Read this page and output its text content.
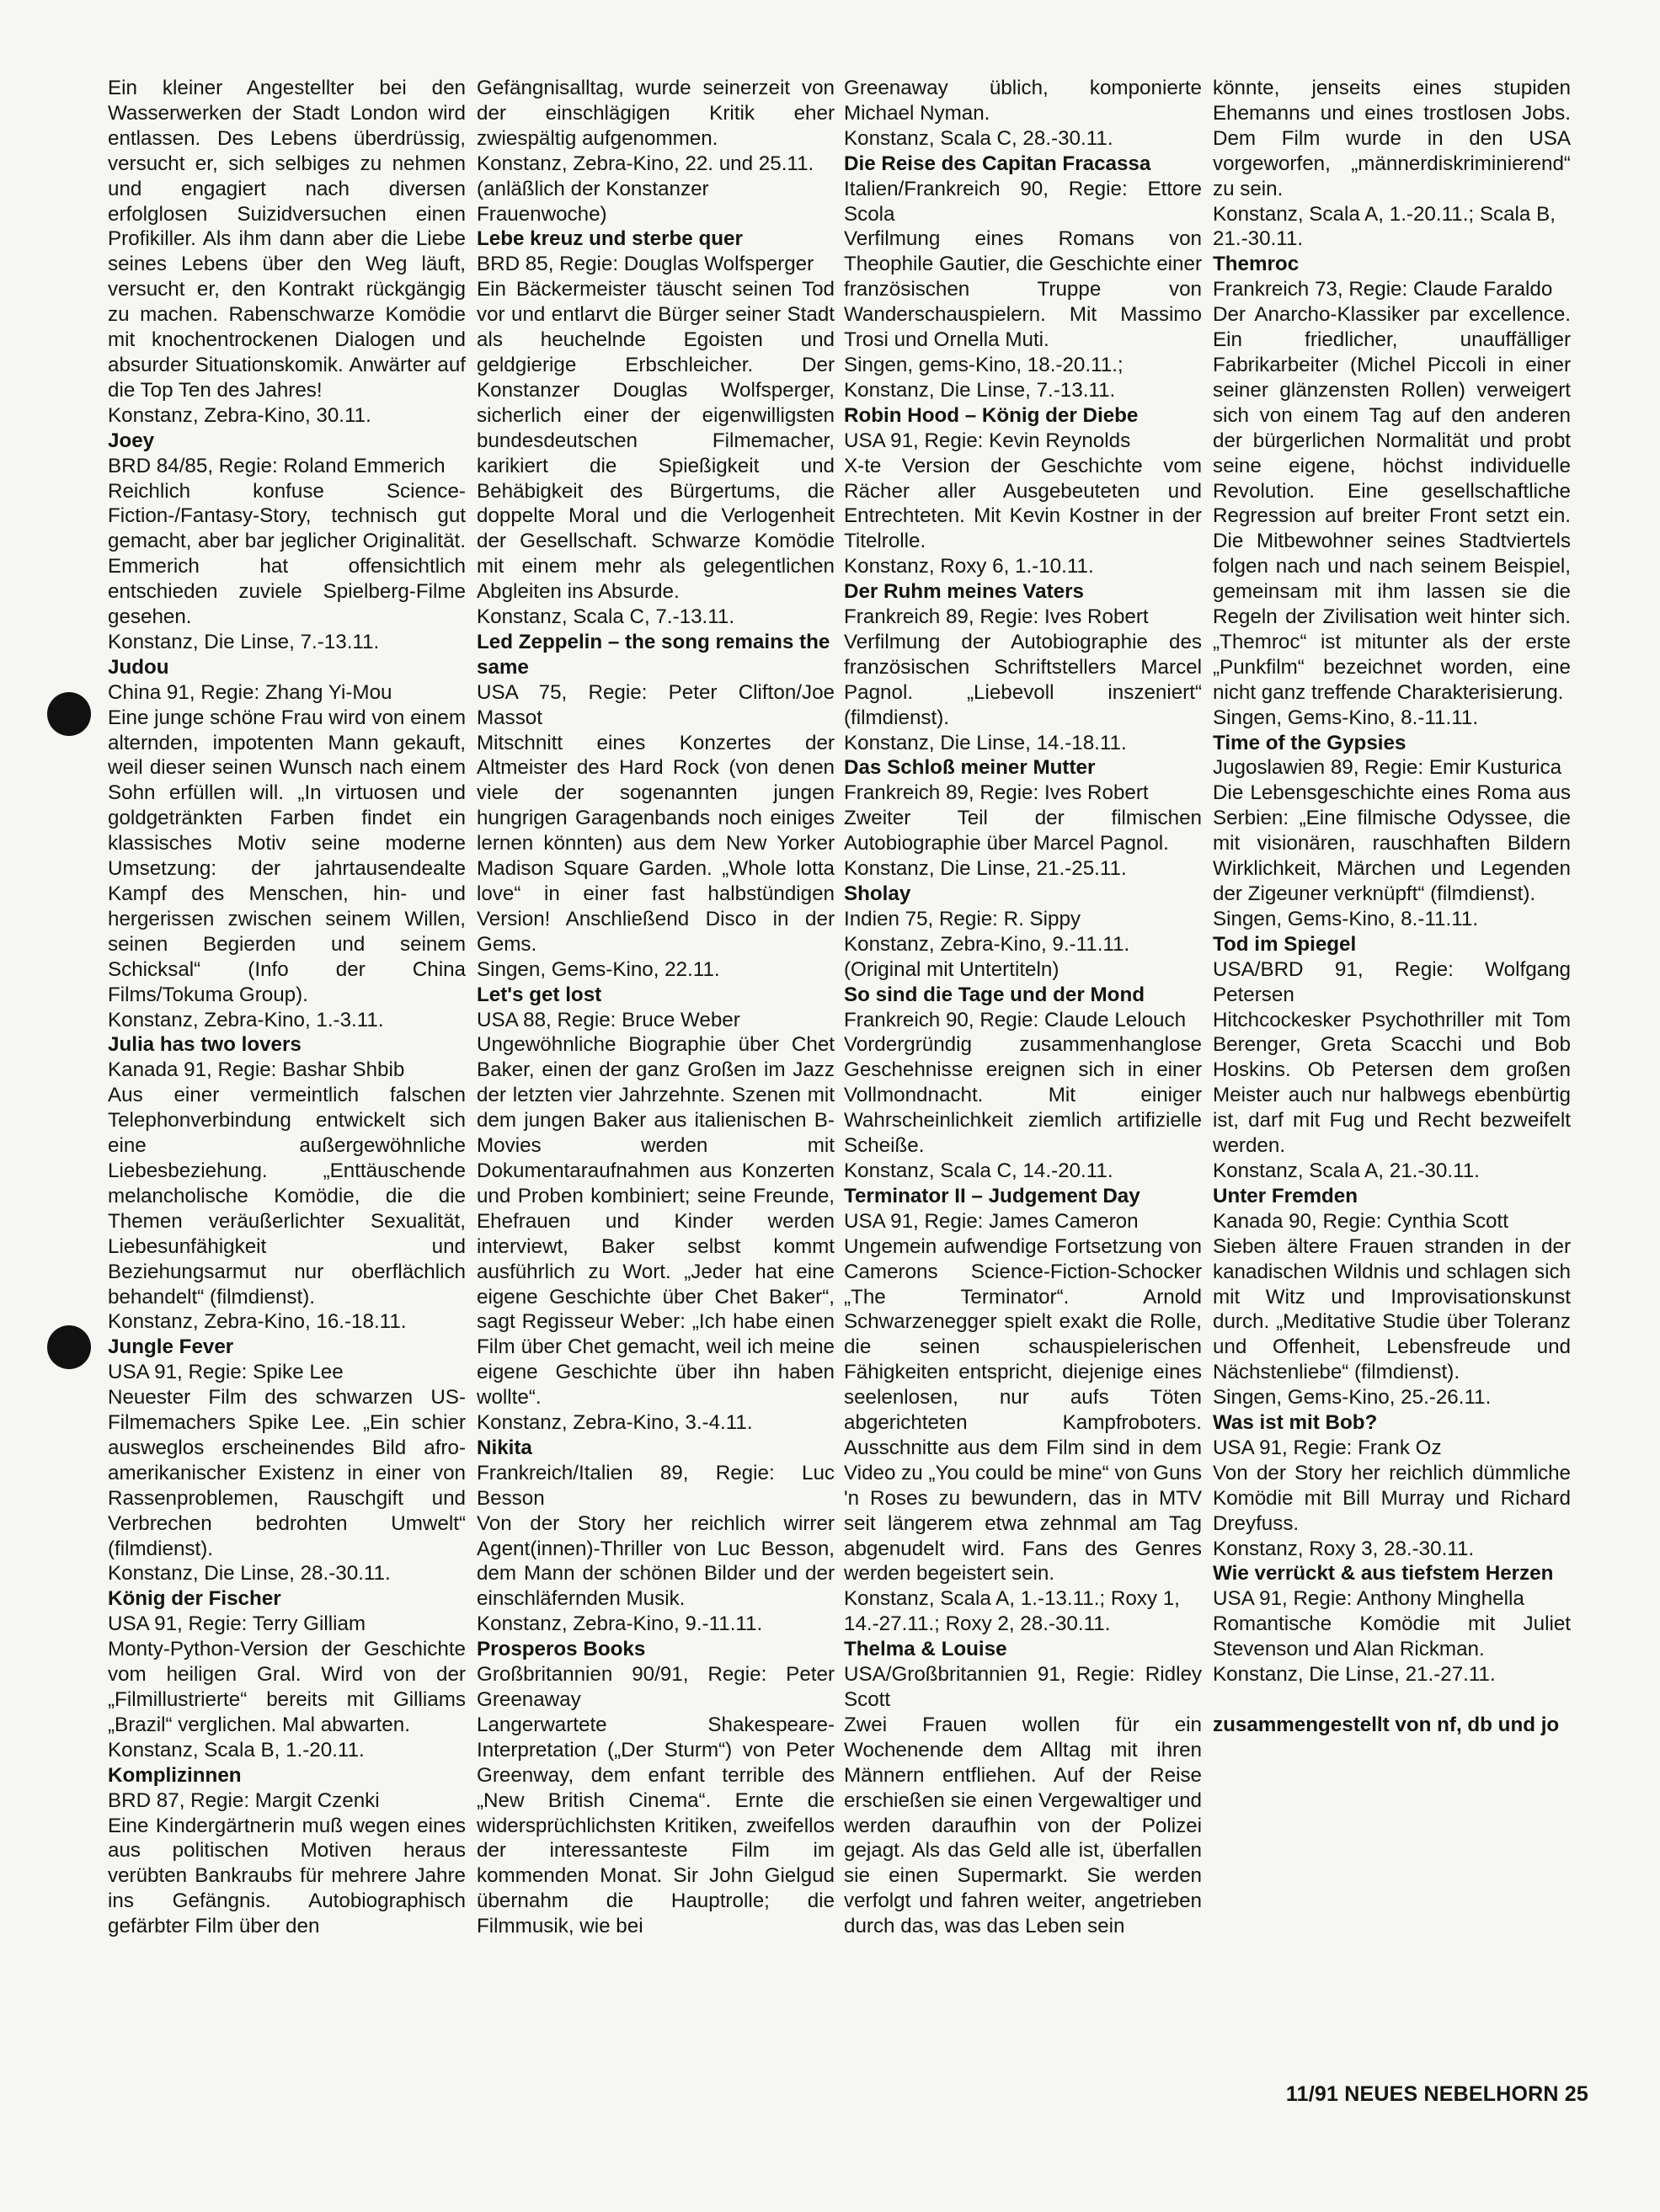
Ein kleiner Angestellter bei den Wasserwerken der Stadt London wird entlassen. Des Lebens überdrüssig, versucht er, sich selbiges zu nehmen und engagiert nach diversen erfolglosen Suizidversuchen einen Profikiller. Als ihm dann aber die Liebe seines Lebens über den Weg läuft, versucht er, den Kontrakt rückgängig zu machen. Rabenschwarze Komödie mit knochentrockenen Dialogen und absurder Situationskomik. Anwärter auf die Top Ten des Jahres!

Konstanz, Zebra-Kino, 30.11.

Joey

BRD 84/85, Regie: Roland Emmerich

Reichlich konfuse Science-Fiction-/Fantasy-Story, technisch gut gemacht, aber bar jeglicher Originalität. Emmerich hat offensichtlich entschieden zuviele Spielberg-Filme gesehen.

Konstanz, Die Linse, 7.-13.11.

Judou

China 91, Regie: Zhang Yi-Mou

Eine junge schöne Frau wird von einem alternden, impotenten Mann gekauft, weil dieser seinen Wunsch nach einem Sohn erfüllen will. „In virtuosen und goldgetränkten Farben findet ein klassisches Motiv seine moderne Umsetzung: der jahrtausendealte Kampf des Menschen, hin- und hergerissen zwischen seinem Willen, seinen Begierden und seinem Schicksal“ (Info der China Films/Tokuma Group).

Konstanz, Zebra-Kino, 1.-3.11.

Julia has two lovers

Kanada 91, Regie: Bashar Shbib

Aus einer vermeintlich falschen Telephonverbindung entwickelt sich eine außergewöhnliche Liebesbeziehung. „Enttäuschende melancholische Komödie, die die Themen veräußerlichter Sexualität, Liebesunfähigkeit und Beziehungsarmut nur oberflächlich behandelt“ (filmdienst).

Konstanz, Zebra-Kino, 16.-18.11.

Jungle Fever

USA 91, Regie: Spike Lee

Neuester Film des schwarzen US-Filmemachers Spike Lee. „Ein schier ausweglos erscheinendes Bild afro-amerikanischer Existenz in einer von Rassenproblemen, Rauschgift und Verbrechen bedrohten Umwelt“ (filmdienst).

Konstanz, Die Linse, 28.-30.11.

König der Fischer

USA 91, Regie: Terry Gilliam

Monty-Python-Version der Geschichte vom heiligen Gral. Wird von der „Filmillustrierte“ bereits mit Gilliams „Brazil“ verglichen. Mal abwarten.

Konstanz, Scala B, 1.-20.11.

Komplizinnen

BRD 87, Regie: Margit Czenki

Eine Kindergärtnerin muß wegen eines aus politischen Motiven heraus verübten Bankraubs für mehrere Jahre ins Gefängnis. Autobiographisch gefärbter Film über den

Gefängnisalltag, wurde seinerzeit von der einschlägigen Kritik eher zwiespältig aufgenommen.

Konstanz, Zebra-Kino, 22. und 25.11. (anläßlich der Konstanzer Frauenwoche)

Lebe kreuz und sterbe quer

BRD 85, Regie: Douglas Wolfsperger

Ein Bäckermeister täuscht seinen Tod vor und entlarvt die Bürger seiner Stadt als heuchelnde Egoisten und geldgierige Erbschleicher. Der Konstanzer Douglas Wolfsperger, sicherlich einer der eigenwilligsten bundesdeutschen Filmemacher, karikiert die Spießigkeit und Behäbigkeit des Bürgertums, die doppelte Moral und die Verlogenheit der Gesellschaft. Schwarze Komödie mit einem mehr als gelegentlichen Abgleiten ins Absurde.

Konstanz, Scala C, 7.-13.11.

Led Zeppelin – the song remains the same

USA 75, Regie: Peter Clifton/Joe Massot

Mitschnitt eines Konzertes der Altmeister des Hard Rock (von denen viele der sogenannten jungen hungrigen Garagenbands noch einiges lernen könnten) aus dem New Yorker Madison Square Garden. „Whole lotta love“ in einer fast halbstündigen Version! Anschließend Disco in der Gems.

Singen, Gems-Kino, 22.11.

Let's get lost

USA 88, Regie: Bruce Weber

Ungewöhnliche Biographie über Chet Baker, einen der ganz Großen im Jazz der letzten vier Jahrzehnte. Szenen mit dem jungen Baker aus italienischen B-Movies werden mit Dokumentaraufnahmen aus Konzerten und Proben kombiniert; seine Freunde, Ehefrauen und Kinder werden interviewt, Baker selbst kommt ausführlich zu Wort. „Jeder hat eine eigene Geschichte über Chet Baker“, sagt Regisseur Weber: „Ich habe einen Film über Chet gemacht, weil ich meine eigene Geschichte über ihn haben wollte“.

Konstanz, Zebra-Kino, 3.-4.11.

Nikita

Frankreich/Italien 89, Regie: Luc Besson

Von der Story her reichlich wirrer Agent(innen)-Thriller von Luc Besson, dem Mann der schönen Bilder und der einschläfernden Musik.

Konstanz, Zebra-Kino, 9.-11.11.

Prosperos Books

Großbritannien 90/91, Regie: Peter Greenaway

Langerwartete Shakespeare-Interpretation („Der Sturm“) von Peter Greenway, dem enfant terrible des „New British Cinema“. Ernte die widersprüchlichsten Kritiken, zweifellos der interessanteste Film im kommenden Monat. Sir John Gielgud übernahm die Hauptrolle; die Filmmusik, wie bei

Greenaway üblich, komponierte Michael Nyman.

Konstanz, Scala C, 28.-30.11.

Die Reise des Capitan Fracassa

Italien/Frankreich 90, Regie: Ettore Scola

Verfilmung eines Romans von Theophile Gautier, die Geschichte einer französischen Truppe von Wanderschauspielern. Mit Massimo Trosi und Ornella Muti.

Singen, gems-Kino, 18.-20.11.; Konstanz, Die Linse, 7.-13.11.

Robin Hood – König der Diebe

USA 91, Regie: Kevin Reynolds

X-te Version der Geschichte vom Rächer aller Ausgebeuteten und Entrechteten. Mit Kevin Kostner in der Titelrolle.

Konstanz, Roxy 6, 1.-10.11.

Der Ruhm meines Vaters

Frankreich 89, Regie: Ives Robert

Verfilmung der Autobiographie des französischen Schriftstellers Marcel Pagnol. „Liebevoll inszeniert“ (filmdienst).

Konstanz, Die Linse, 14.-18.11.

Das Schloß meiner Mutter

Frankreich 89, Regie: Ives Robert

Zweiter Teil der filmischen Autobiographie über Marcel Pagnol.

Konstanz, Die Linse, 21.-25.11.

Sholay

Indien 75, Regie: R. Sippy

Konstanz, Zebra-Kino, 9.-11.11. (Original mit Untertiteln)

So sind die Tage und der Mond

Frankreich 90, Regie: Claude Lelouch

Vordergründig zusammenhanglose Geschehnisse ereignen sich in einer Vollmondnacht. Mit einiger Wahrscheinlichkeit ziemlich artifizielle Scheiße.

Konstanz, Scala C, 14.-20.11.

Terminator II – Judgement Day

USA 91, Regie: James Cameron

Ungemein aufwendige Fortsetzung von Camerons Science-Fiction-Schocker „The Terminator“. Arnold Schwarzenegger spielt exakt die Rolle, die seinen schauspielerischen Fähigkeiten entspricht, diejenige eines seelenlosen, nur aufs Töten abgerichteten Kampfroboters. Ausschnitte aus dem Film sind in dem Video zu „You could be mine“ von Guns 'n Roses zu bewundern, das in MTV seit längerem etwa zehnmal am Tag abgenudelt wird. Fans des Genres werden begeistert sein.

Konstanz, Scala A, 1.-13.11.; Roxy 1, 14.-27.11.; Roxy 2, 28.-30.11.

Thelma & Louise

USA/Großbritannien 91, Regie: Ridley Scott

Zwei Frauen wollen für ein Wochenende dem Alltag mit ihren Männern entfliehen. Auf der Reise erschießen sie einen Vergewaltiger und werden daraufhin von der Polizei gejagt. Als das Geld alle ist, überfallen sie einen Supermarkt. Sie werden verfolgt und fahren weiter, angetrieben durch das, was das Leben sein

könnte, jenseits eines stupiden Ehemanns und eines trostlosen Jobs. Dem Film wurde in den USA vorgeworfen, „männerdiskriminierend“ zu sein.

Konstanz, Scala A, 1.-20.11.; Scala B, 21.-30.11.

Themroc

Frankreich 73, Regie: Claude Faraldo

Der Anarcho-Klassiker par excellence. Ein friedlicher, unauffälliger Fabrikarbeiter (Michel Piccoli in einer seiner glänzensten Rollen) verweigert sich von einem Tag auf den anderen der bürgerlichen Normalität und probt seine eigene, höchst individuelle Revolution. Eine gesellschaftliche Regression auf breiter Front setzt ein. Die Mitbewohner seines Stadtviertels folgen nach und nach seinem Beispiel, gemeinsam mit ihm lassen sie die Regeln der Zivilisation weit hinter sich. „Themroc“ ist mitunter als der erste „Punkfilm“ bezeichnet worden, eine nicht ganz treffende Charakterisierung.

Singen, Gems-Kino, 8.-11.11.

Time of the Gypsies

Jugoslawien 89, Regie: Emir Kusturica

Die Lebensgeschichte eines Roma aus Serbien: „Eine filmische Odyssee, die mit visionären, rauschhaften Bildern Wirklichkeit, Märchen und Legenden der Zigeuner verknüpft“ (filmdienst).

Singen, Gems-Kino, 8.-11.11.

Tod im Spiegel

USA/BRD 91, Regie: Wolfgang Petersen

Hitchcockesker Psychothriller mit Tom Berenger, Greta Scacchi und Bob Hoskins. Ob Petersen dem großen Meister auch nur halbwegs ebenbürtig ist, darf mit Fug und Recht bezweifelt werden.

Konstanz, Scala A, 21.-30.11.

Unter Fremden

Kanada 90, Regie: Cynthia Scott

Sieben ältere Frauen stranden in der kanadischen Wildnis und schlagen sich mit Witz und Improvisationskunst durch. „Meditative Studie über Toleranz und Offenheit, Lebensfreude und Nächstenliebe“ (filmdienst).

Singen, Gems-Kino, 25.-26.11.

Was ist mit Bob?

USA 91, Regie: Frank Oz

Von der Story her reichlich dümmliche Komödie mit Bill Murray und Richard Dreyfuss.

Konstanz, Roxy 3, 28.-30.11.

Wie verrückt & aus tiefstem Herzen

USA 91, Regie: Anthony Minghella

Romantische Komödie mit Juliet Stevenson und Alan Rickman.

Konstanz, Die Linse, 21.-27.11.

zusammengestellt von nf, db und jo

11/91 NEUES NEBELHORN 25
